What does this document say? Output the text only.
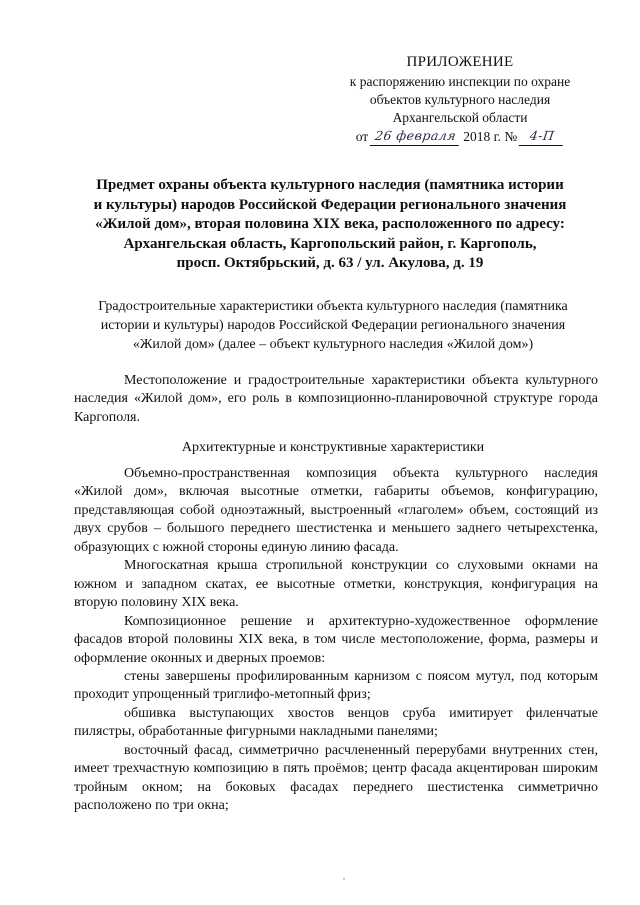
ПРИЛОЖЕНИЕ
к распоряжению инспекции по охране
объектов культурного наследия
Архангельской области
от 26 февраля 2018 г. № 4-П
Предмет охраны объекта культурного наследия (памятника истории
и культуры) народов Российской Федерации регионального значения
«Жилой дом», вторая половина XIX века, расположенного по адресу:
Архангельская область, Каргопольский район, г. Каргополь,
просп. Октябрьский, д. 63 / ул. Акулова, д. 19
Градостроительные характеристики объекта культурного наследия (памятника
истории и культуры) народов Российской Федерации регионального значения
«Жилой дом» (далее – объект культурного наследия «Жилой дом»)

Местоположение и градостроительные характеристики объекта культурного наследия «Жилой дом», его роль в композиционно-планировочной структуре города Каргополя.

Архитектурные и конструктивные характеристики

Объемно-пространственная композиция объекта культурного наследия «Жилой дом», включая высотные отметки, габариты объемов, конфигурацию, представляющая собой одноэтажный, выстроенный «глаголем» объем, состоящий из двух срубов – большого переднего шестистенка и меньшего заднего четырехстенка, образующих с южной стороны единую линию фасада.

Многоскатная крыша стропильной конструкции со слуховыми окнами на южном и западном скатах, ее высотные отметки, конструкция, конфигурация на вторую половину XIX века.

Композиционное решение и архитектурно-художественное оформление фасадов второй половины XIX века, в том числе местоположение, форма, размеры и оформление оконных и дверных проемов:

стены завершены профилированным карнизом с поясом мутул, под которым проходит упрощенный триглифо-метопный фриз;

обшивка выступающих хвостов венцов сруба имитирует филенчатые пилястры, обработанные фигурными накладными панелями;

восточный фасад, симметрично расчлененный перерубами внутренних стен, имеет трехчастную композицию в пять проёмов; центр фасада акцентирован широким тройным окном; на боковых фасадах переднего шестистенка симметрично расположено по три окна;
